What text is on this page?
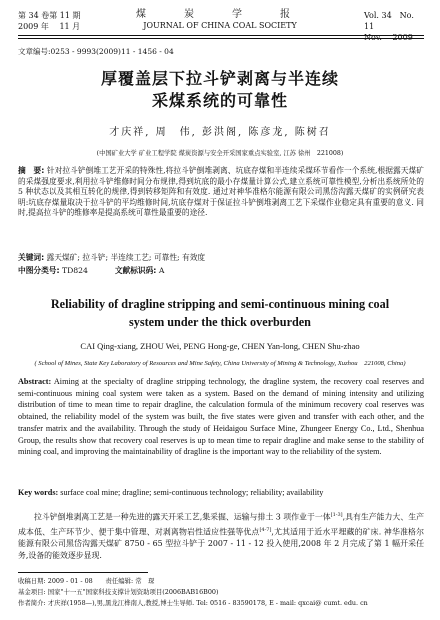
第 34 卷第 11 期
2009 年　 11 月
煤　炭　学　报
JOURNAL OF CHINA COAL SOCIETY
Vol. 34　No. 11
Nov.　 2009
文章编号:0253 - 9993(2009)11 - 1456 - 04
厚覆盖层下拉斗铲剥离与半连续
采煤系统的可靠性
才庆祥, 周　伟, 彭洪阁, 陈彦龙, 陈树召
(中国矿业大学 矿业工程学院 煤炭资源与安全开采国家重点实验室, 江苏 徐州　221008)
摘　要: 针对拉斗铲倒堆工艺开采的特殊性,将拉斗铲倒堆剥离、坑底存煤和半连续采煤环节看作一个系统,根据露天煤矿的采煤强度要求,利用拉斗铲维修时间分布规律,得到坑底的最小存煤量计算公式,建立系统可靠性模型,分析出系统所处的 5 种状态以及其相互转化的规律,得到转移矩阵和有效度. 通过对神华准格尔能源有限公司黑岱沟露天煤矿的实例研究表明:坑底存煤量取决于拉斗铲的平均维修时间,坑底存煤对于保证拉斗铲倒堆剥离工艺下采煤作业稳定具有重要的意义. 同时,提高拉斗铲的维修率是提高系统可靠性最重要的途径.
关键词: 露天煤矿; 拉斗铲; 半连续工艺; 可靠性; 有效度
中图分类号: TD824	文献标识码: A
Reliability of dragline stripping and semi-continuous mining coal
system under the thick overburden
CAI Qing-xiang, ZHOU Wei, PENG Hong-ge, CHEN Yan-long, CHEN Shu-zhao
( School of Mines, State Key Laboratory of Resources and Mine Safety, China University of Mining & Technology, Xuzhou　221008, China)
Abstract: Aiming at the specialty of dragline stripping technology, the dragline system, the recovery coal reserves and semi-continuous mining coal system were taken as a system. Based on the demand of mining intensity and utilizing distribution of time to mean time to repair dragline, the calculation formula of the minimum recovery coal reserves was obtained, the reliability model of the system was built, the five states were given and transfer with each other, and the transfer matrix and the availability. Through the study of Heidaigou Surface Mine, Zhungeer Energy Co., Ltd., Shenhua Group, the results show that recovery coal reserves is up to mean time to repair dragline and make sense to the stability of mining coal, and improving the maintainability of dragline is the important way to the reliability of the system.
Key words: surface coal mine; dragline; semi-continuous technology; reliability; availability
拉斗铲倒堆剥离工艺是一种先进的露天开采工艺,集采掘、运输与排土 3 项作业于一体[1-3],具有生产能力大、生产成本低、生产环节少、便于集中管理、对剥离物岩性适应性强等优点[4-7],尤其适用于近水平埋藏的矿床. 神华准格尔能源有限公司黑岱沟露天煤矿 8750 - 65 型拉斗铲于 2007 - 11 - 12 投入使用,2008 年 2 月完成了第 1 幅开采任务,设备的能效逐步显现.
收稿日期: 2009 - 01 - 08　　责任编辑: 常　琛
基金项目: 国家"十一五"国家科技支撑计划资助项目(2006BAB16B00)
作者简介: 才庆祥(1958—),男,黑龙江桦南人,教授,博士生导师. Tel: 0516 - 83590178, E - mail: qxcai@ cumt. edu. cn
